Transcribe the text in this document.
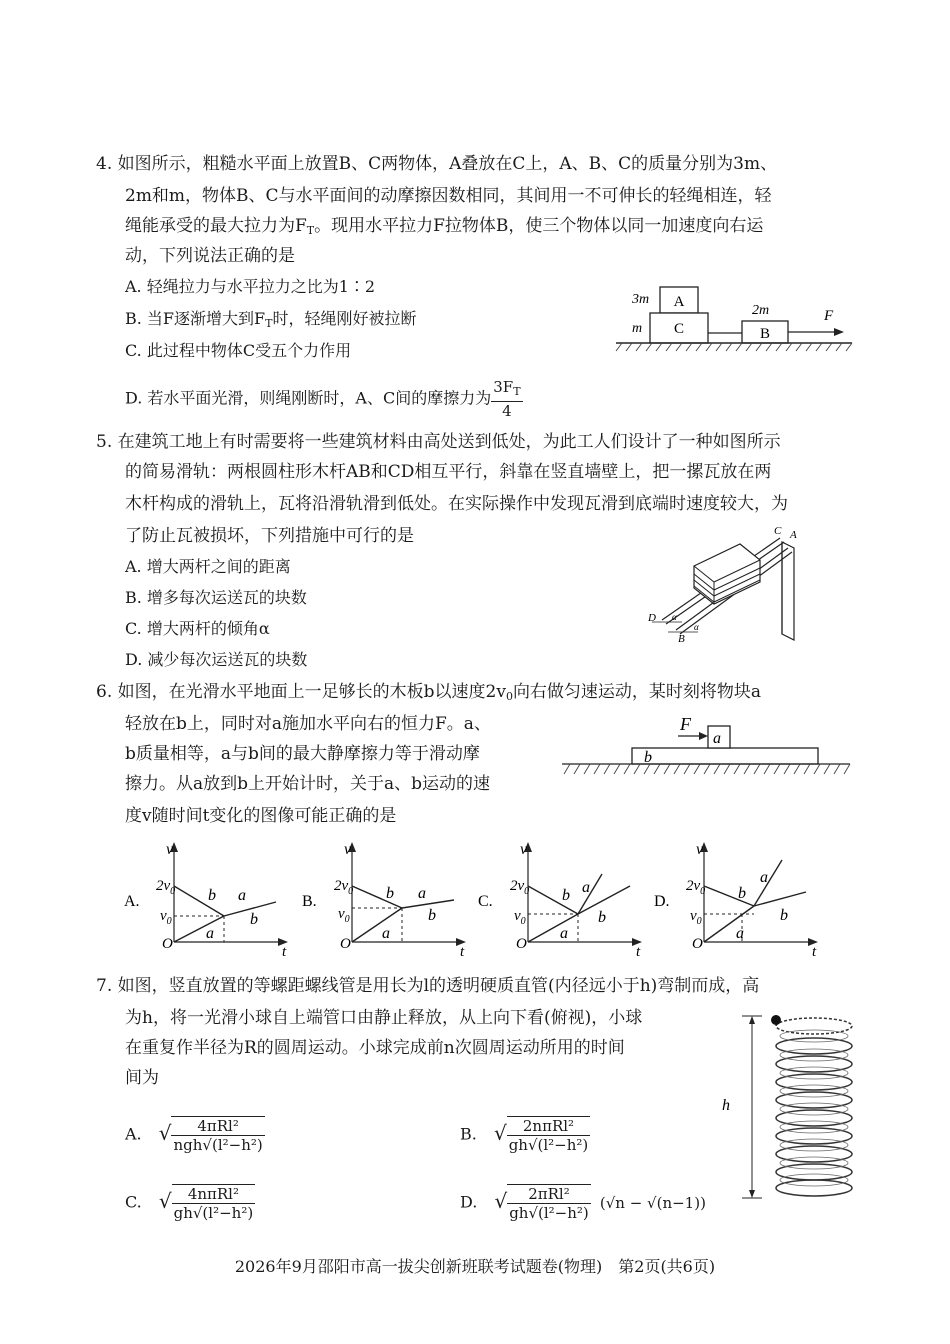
4. 如图所示，粗糙水平面上放置B、C两物体，A叠放在C上，A、B、C的质量分别为3m、
2m和m，物体B、C与水平面间的动摩擦因数相同，其间用一不可伸长的轻绳相连，轻
绳能承受的最大拉力为$F_T$。现用水平拉力F拉物体B，使三个物体以同一加速度向右运
动，下列说法正确的是
A. 轻绳拉力与水平拉力之比为1∶2
B. 当F逐渐增大到$F_T$时，轻绳刚好被拉断
C. 此过程中物体C受五个力作用
D. 若水平面光滑，则绳刚断时，A、C间的摩擦力为 $\frac{3F_T}{4}$
A
C	B
3m
m
2m	F
5. 在建筑工地上有时需要将一些建筑材料由高处送到低处，为此工人们设计了一种如图所示
的简易滑轨：两根圆柱形木杆AB和CD相互平行，斜靠在竖直墙壁上，把一摞瓦放在两
木杆构成的滑轨上，瓦将沿滑轨滑到低处。在实际操作中发现瓦滑到底端时速度较大，为
了防止瓦被损坏，下列措施中可行的是
A. 增大两杆之间的距离
B. 增多每次运送瓦的块数
C. 增大两杆的倾角α
D. 减少每次运送瓦的块数
C A
D
B
α
α
6. 如图，在光滑水平地面上一足够长的木板b以速度$2v_0$向右做匀速运动，某时刻将物块a
轻放在b上，同时对a施加水平向右的恒力F。a、
b质量相等，a与b间的最大静摩擦力等于滑动摩
擦力。从a放到b上开始计时，关于a、b运动的速
度v随时间t变化的图像可能正确的是
F
a
b
A.
v
t
O
$2v_0$
$v_0$
b a
b
a
B.
v
t
O
$2v_0$
$v_0$
b a
b
a
C.
v
t
O
$2v_0$
$v_0$
b a
b
a
D.
v
t
O
$2v_0$
$v_0$
b
a
b
a
7. 如图，竖直放置的等螺距螺线管是用长为l的透明硬质直管(内径远小于h)弯制而成，高
为h，将一光滑小球自上端管口由静止释放，从上向下看(俯视)，小球
在重复作半径为R的圆周运动。小球完成前n次圆周运动所用的时间
间为
A. √ $\frac{\text{4πRl²}}{\text{ngh√(l²−h²)}}$	B. √ $\frac{\text{2nπRl²}}{\text{gh√(l²−h²)}}$
C. √ $\frac{\text{4nπRl²}}{\text{gh√(l²−h²)}}$	D. √ $\frac{\text{2πRl²}}{\text{gh√(l²−h²)}} (√n - √(n-1))$
h
2026年9月邵阳市高一拔尖创新班联考试题卷(物理)　第2页(共6页)
